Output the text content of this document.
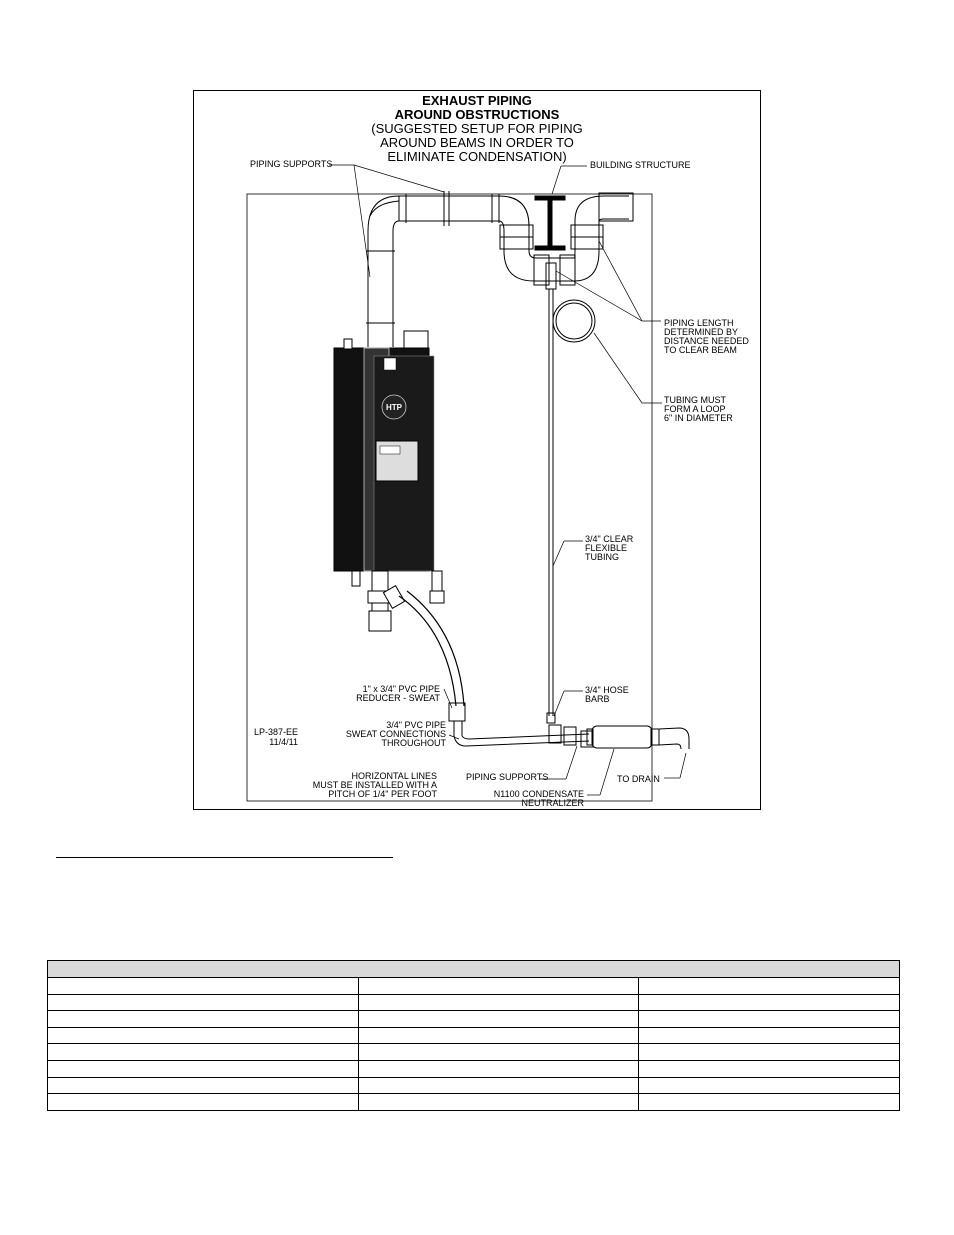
EXHAUST PIPING
AROUND OBSTRUCTIONS
(SUGGESTED SETUP FOR PIPING
AROUND BEAMS IN ORDER TO
ELIMINATE CONDENSATION)
PIPING SUPPORTS	BUILDING STRUCTURE
PIPING LENGTH
DETERMINED BY
DISTANCE NEEDED
TO CLEAR BEAM
TUBING MUST
FORM A LOOP
6" IN DIAMETER
3/4" CLEAR
FLEXIBLE
TUBING
1" x 3/4" PVC PIPE
REDUCER - SWEAT
3/4" HOSE
BARB
3/4" PVC PIPE
SWEAT CONNECTIONS
THROUGHOUT
LP-387-EE
11/4/11
HORIZONTAL LINES
MUST BE INSTALLED WITH A
PITCH OF 1/4" PER FOOT
PIPING SUPPORTS	TO DRAIN
N1100 CONDENSATE
NEUTRALIZER
HTP
